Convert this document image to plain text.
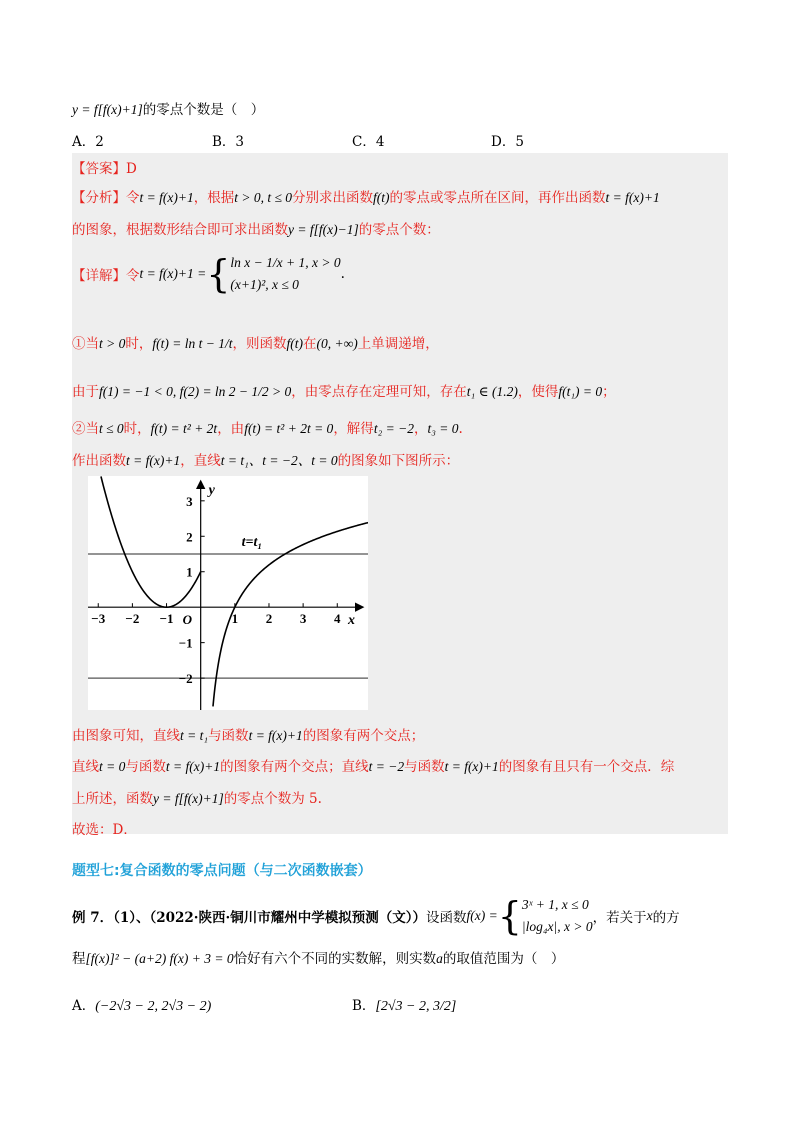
y = f[f(x)+1]的零点个数是（　）
A．2	B．3	C．4	D．5
【答案】D
【分析】令t = f(x)+1，根据t > 0, t ≤ 0分别求出函数f(t)的零点或零点所在区间，再作出函数t = f(x)+1
的图象，根据数形结合即可求出函数y = f[f(x)−1]的零点个数：
【详解】令t = f(x)+1 ={ ln x − 1/x + 1, x > 0
(x+1)², x ≤ 0
.
①当t > 0时，f(t) = ln t − 1/t，则函数f(t)在(0, +∞)上单调递增，
由于f(1) = −1 < 0, f(2) = ln 2 − 1/2 > 0，由零点存在定理可知，存在t₁ ∈ (1.2)，使得f(t₁) = 0；
②当t ≤ 0时，f(t) = t² + 2t，由f(t) = t² + 2t = 0，解得t₂ = −2，t₃ = 0.
作出函数t = f(x)+1，直线t = t₁、t = −2、t = 0的图象如下图所示：
−3 −2 −1	1 2 3 4
3
2
1
−1
−2
O	x
y
t=t₁
由图象可知，直线t = t₁与函数t = f(x)+1的图象有两个交点；
直线t = 0与函数t = f(x)+1的图象有两个交点；直线t = −2与函数t = f(x)+1的图象有且只有一个交点．综
上所述，函数y = f[f(x)+1]的零点个数为 5.
故选：D．
题型七:复合函数的零点问题（与二次函数嵌套）
例 7．（1）、（2022·陕西·铜川市耀州中学模拟预测（文））设函数f(x) ={ 3ˣ + 1, x ≤ 0
|log₄x|, x > 0
，若关于x的方
程[f(x)]² − (a+2) f(x) + 3 = 0恰好有六个不同的实数解，则实数a的取值范围为（　）
A．(−2√3 − 2, 2√3 − 2)	B．[2√3 − 2, 3/2]
